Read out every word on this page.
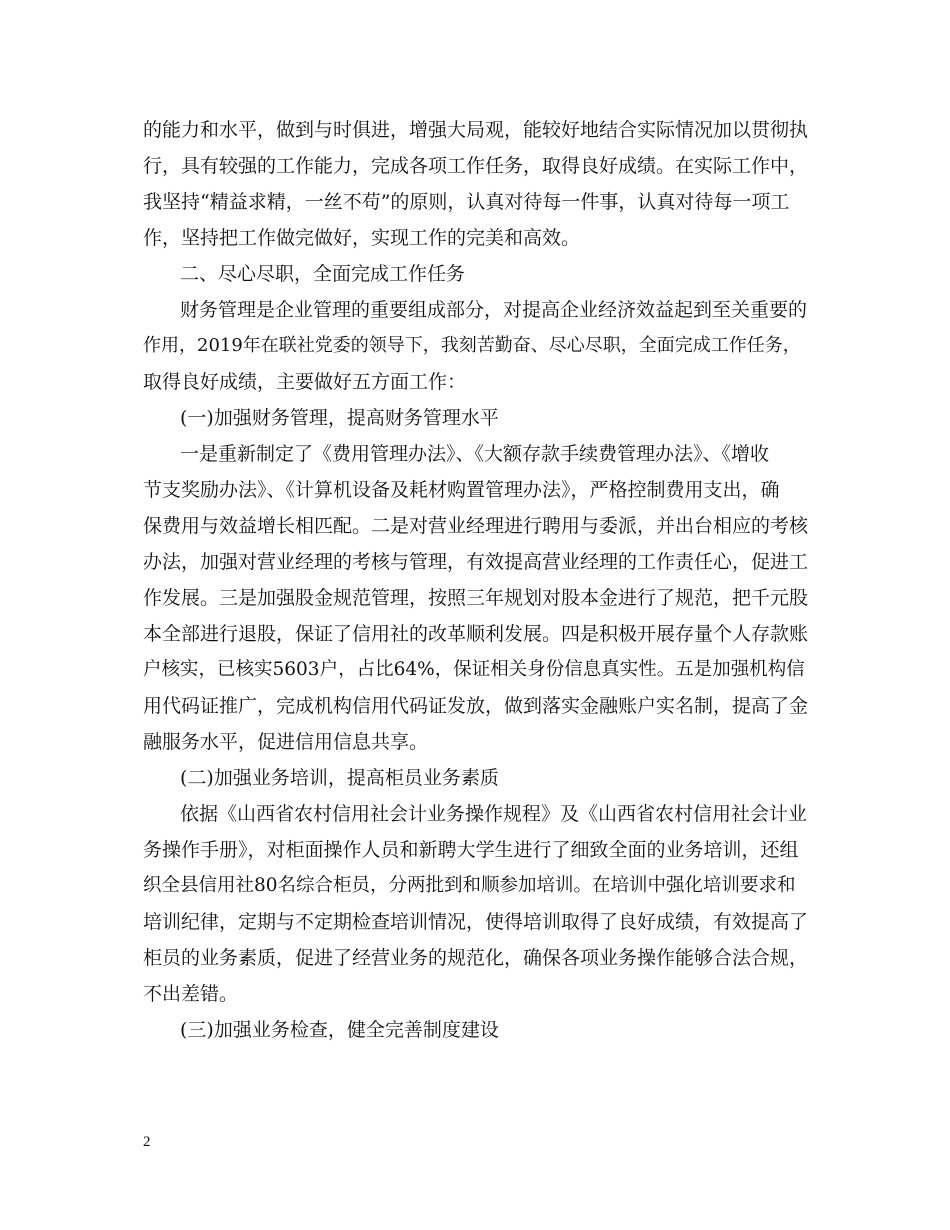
的能力和水平，做到与时俱进，增强大局观，能较好地结合实际情况加以贯彻执

行，具有较强的工作能力，完成各项工作任务，取得良好成绩。在实际工作中，

我坚持“精益求精，一丝不苟”的原则，认真对待每一件事，认真对待每一项工

作，坚持把工作做完做好，实现工作的完美和高效。

二、尽心尽职，全面完成工作任务

财务管理是企业管理的重要组成部分，对提高企业经济效益起到至关重要的

作用，2019年在联社党委的领导下，我刻苦勤奋、尽心尽职，全面完成工作任务，

取得良好成绩，主要做好五方面工作：

(一)加强财务管理，提高财务管理水平

一是重新制定了《费用管理办法》、《大额存款手续费管理办法》、《增收

节支奖励办法》、《计算机设备及耗材购置管理办法》，严格控制费用支出，确

保费用与效益增长相匹配。二是对营业经理进行聘用与委派，并出台相应的考核

办法，加强对营业经理的考核与管理，有效提高营业经理的工作责任心，促进工

作发展。三是加强股金规范管理，按照三年规划对股本金进行了规范，把千元股

本全部进行退股，保证了信用社的改革顺利发展。四是积极开展存量个人存款账

户核实，已核实5603户，占比64%，保证相关身份信息真实性。五是加强机构信

用代码证推广，完成机构信用代码证发放，做到落实金融账户实名制，提高了金

融服务水平，促进信用信息共享。

(二)加强业务培训，提高柜员业务素质

依据《山西省农村信用社会计业务操作规程》及《山西省农村信用社会计业

务操作手册》，对柜面操作人员和新聘大学生进行了细致全面的业务培训，还组

织全县信用社80名综合柜员，分两批到和顺参加培训。在培训中强化培训要求和

培训纪律，定期与不定期检查培训情况，使得培训取得了良好成绩，有效提高了

柜员的业务素质，促进了经营业务的规范化，确保各项业务操作能够合法合规，

不出差错。

(三)加强业务检查，健全完善制度建设

2
